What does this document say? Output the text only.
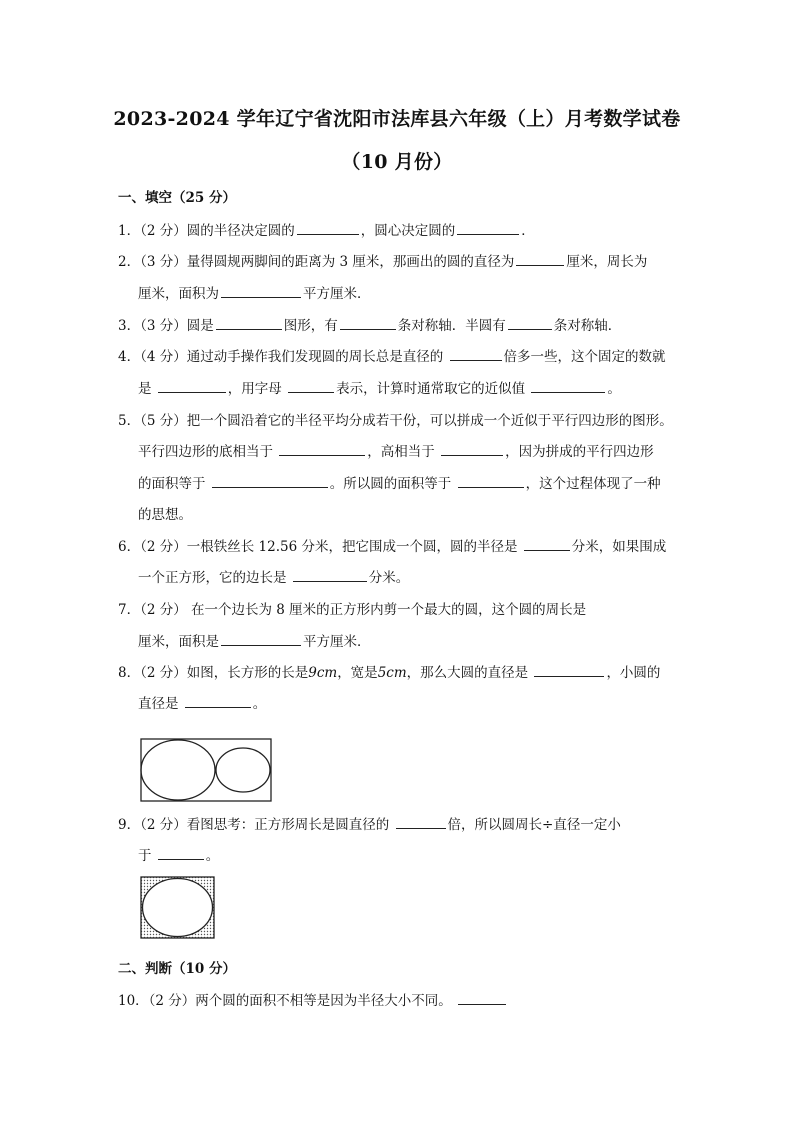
2023-2024 学年辽宁省沈阳市法库县六年级（上）月考数学试卷
（10 月份）
一、填空（25 分）
1．（2 分）圆的半径决定圆的	，圆心决定圆的	．
2．（3 分）量得圆规两脚间的距离为 3 厘米，那画出的圆的直径为	厘米，周长为
厘米，面积为	平方厘米．
3．（3 分）圆是	图形，有	条对称轴．半圆有	条对称轴．
4．（4 分）通过动手操作我们发现圆的周长总是直径的	倍多一些，这个固定的数就
是	，用字母	表示，计算时通常取它的近似值	。
5．（5 分）把一个圆沿着它的半径平均分成若干份，可以拼成一个近似于平行四边形的图形。
平行四边形的底相当于	，高相当于	，因为拼成的平行四边形
的面积等于	。所以圆的面积等于	，这个过程体现了一种
的思想。
6．（2 分）一根铁丝长 12.56 分米，把它围成一个圆，圆的半径是	分米，如果围成
一个正方形，它的边长是	分米。
7．（2 分） 在一个边长为 8 厘米的正方形内剪一个最大的圆，这个圆的周长是
厘米，面积是	平方厘米．
8．（2 分）如图，长方形的长是9cm，宽是5cm，那么大圆的直径是	，小圆的
直径是	。
9．（2 分）看图思考：正方形周长是圆直径的	倍，所以圆周长÷直径一定小
于	。
二、判断（10 分）
10．（2 分）两个圆的面积不相等是因为半径大小不同。
